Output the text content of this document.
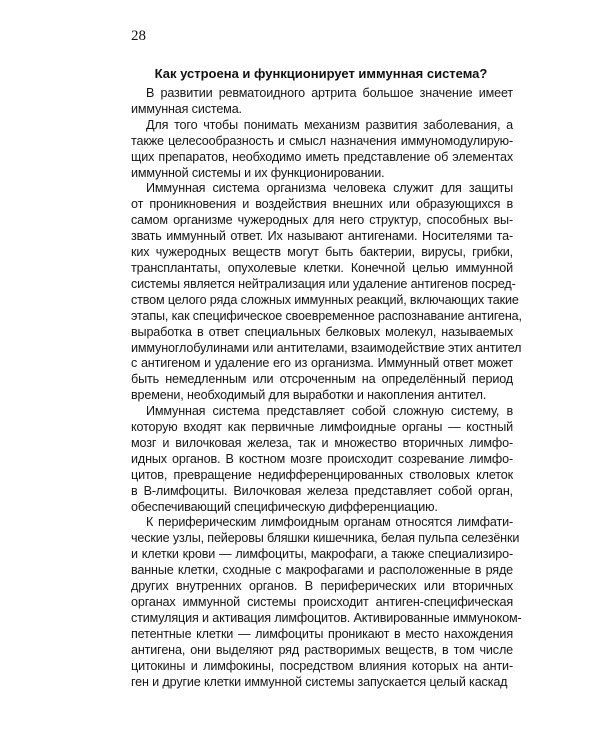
28

Как устроена и функционирует иммунная система?

В развитии ревматоидного артрита большое значение имеет
иммунная система.

Для того чтобы понимать механизм развития заболевания, а
также целесообразность и смысл назначения иммуномодулирую-
щих препаратов, необходимо иметь представление об элементах
иммунной системы и их функционировании.

Иммунная система организма человека служит для защиты
от проникновения и воздействия внешних или образующихся в
самом организме чужеродных для него структур, способных вы-
звать иммунный ответ. Их называют антигенами. Носителями та-
ких чужеродных веществ могут быть бактерии, вирусы, грибки,
трансплантаты, опухолевые клетки. Конечной целью иммунной
системы является нейтрализация или удаление антигенов посред-
ством целого ряда сложных иммунных реакций, включающих такие
этапы, как специфическое своевременное распознавание антигена,
выработка в ответ специальных белковых молекул, называемых
иммуноглобулинами или антителами, взаимодействие этих антител
с антигеном и удаление его из организма. Иммунный ответ может
быть немедленным или отсроченным на определённый период
времени, необходимый для выработки и накопления антител.

Иммунная система представляет собой сложную систему, в
которую входят как первичные лимфоидные органы — костный
мозг и вилочковая железа, так и множество вторичных лимфо-
идных органов. В костном мозге происходит созревание лимфо-
цитов, превращение недифференцированных стволовых клеток
в В-лимфоциты. Вилочковая железа представляет собой орган,
обеспечивающий специфическую дифференциацию.

К периферическим лимфоидным органам относятся лимфати-
ческие узлы, пейеровы бляшки кишечника, белая пульпа селезёнки
и клетки крови — лимфоциты, макрофаги, а также специализиро-
ванные клетки, сходные с макрофагами и расположенные в ряде
других внутренних органов. В периферических или вторичных
органах иммунной системы происходит антиген-специфическая
стимуляция и активация лимфоцитов. Активированные иммуноком-
петентные клетки — лимфоциты проникают в место нахождения
антигена, они выделяют ряд растворимых веществ, в том числе
цитокины и лимфокины, посредством влияния которых на анти-
ген и другие клетки иммунной системы запускается целый каскад
